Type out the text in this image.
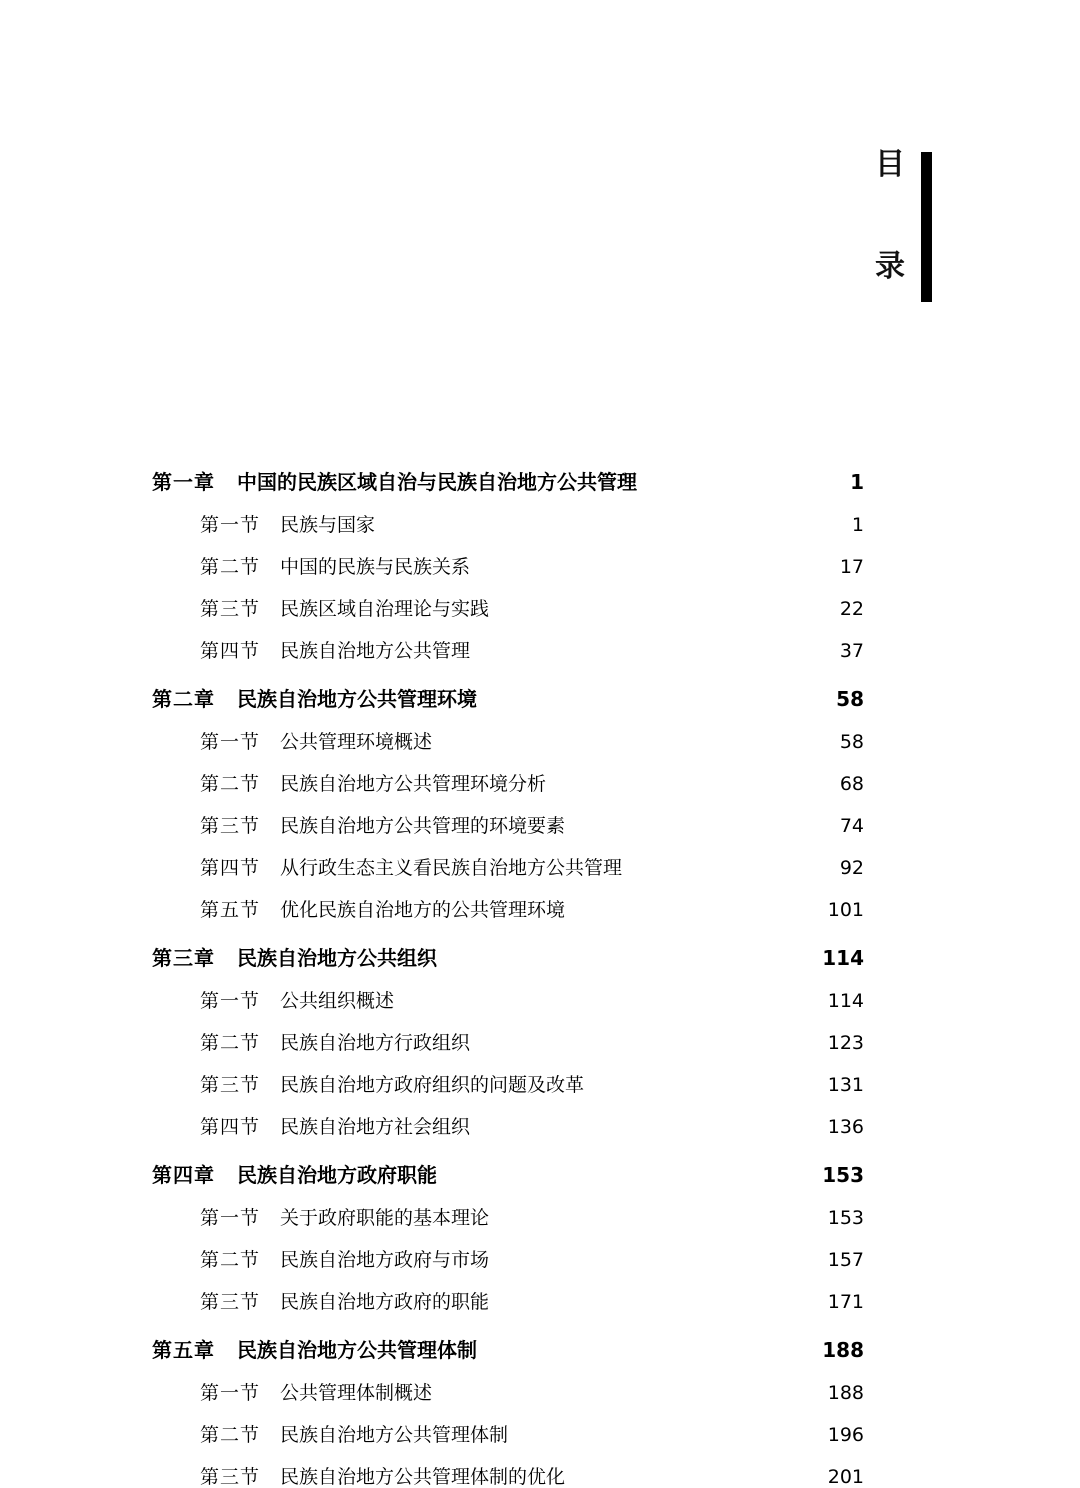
目
录
第一章 中国的民族区域自治与民族自治地方公共管理	1
第一节 民族与国家	1
第二节 中国的民族与民族关系	17
第三节 民族区域自治理论与实践	22
第四节 民族自治地方公共管理	37
第二章 民族自治地方公共管理环境	58
第一节 公共管理环境概述	58
第二节 民族自治地方公共管理环境分析	68
第三节 民族自治地方公共管理的环境要素	74
第四节 从行政生态主义看民族自治地方公共管理	92
第五节 优化民族自治地方的公共管理环境	101
第三章 民族自治地方公共组织	114
第一节 公共组织概述	114
第二节 民族自治地方行政组织	123
第三节 民族自治地方政府组织的问题及改革	131
第四节 民族自治地方社会组织	136
第四章 民族自治地方政府职能	153
第一节 关于政府职能的基本理论	153
第二节 民族自治地方政府与市场	157
第三节 民族自治地方政府的职能	171
第五章 民族自治地方公共管理体制	188
第一节 公共管理体制概述	188
第二节 民族自治地方公共管理体制	196
第三节 民族自治地方公共管理体制的优化	201
